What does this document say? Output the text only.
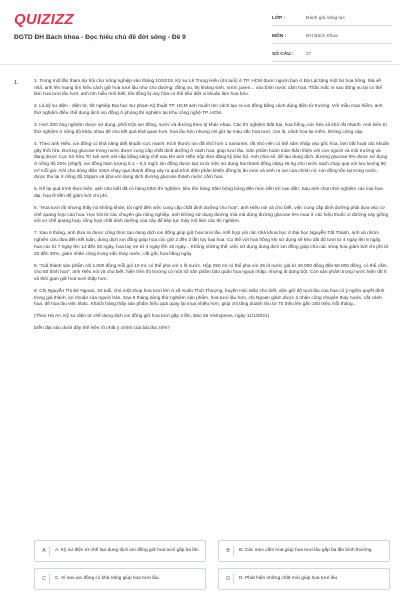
QUIZIZZ
ĐGTD ĐH Bách khoa - Đọc hiểu chủ đề đời sống - Đề 9
LỚP :	Đánh giá năng lực
MÔN :	ĐH Bách Khoa
SỐ CÂU :	27
1.	1. Trong một lần tham dự hội chợ nông nghiệp vào tháng 10/2019, Kỹ sư Lê Trung Hiếu (44 tuổi) ở TP. HCM được người bạn ở Đà Lạt tặng một bó hoa hồng. Mà về nhà, anh lên mạng tìm hiểu cách giữ hoa tươi lâu như cho đường, đồng xu, thị kháng sinh, nước javen... vào bình nước cắm hoa. Thắc mắc vì sao đông xu lại có thể làm hoa tươi lâu hơn, anh tìm hiểu mới biết, khi đồng bị oxy hóa có thể tiêu diệt vi khuẩn làm hoa héo.

2. Là kỹ sư điện - điện tử, tốt nghiệp Đại học Sư phạm Kỹ thuật TP. HCM anh muốn tìm cách tạo ra ion đồng bằng cách dùng điện từ trường. Với mẫu mạo hiểm, anh thử nghiệm điều chế dung dịch ion đồng ở phòng thí nghiệm tại Khu công nghệ TP. HCM.

3. Hơn 200 ống nghiệm được sử dụng, phối trộn ion đồng, nước và đường theo tỷ khác nhau. Các thí nghiệm thất bại, hoa hồng, cúc héo và khô rất nhanh. Anh kiên trì thử nghiệm ở nồng độ khác nhau để cho kết quả khả quan hơn, hoa lâu héo nhưng chỉ giữ lại màu sắc hoa tươi, còn lá, cành hoa lại mềm, không cứng cáp.

4. Theo anh Hiếu, ion đồng có khả năng diệt khuẩn cực mạnh. Kích thước ion đã nhỏ hơn 1 nanomet, rất nhỏ nên có thể xâm nhập vào gốc hoa, làm bắt hoạt các khuẩn gây thối rữa. Đường glucose trong nước được cung cấp chất dinh dưỡng ở cành hoa, giúp tươi lâu. Sản phẩm hoàn toàn thân thiện với con người và môi trường và đang được Cục Sở hữu Trí tuệ xem xét cấp bằng sáng chế sau khi anh Hiếu nộp đơn đăng ký bảo hộ. Anh chia sẻ, để tạo dung dịch, đường glucose 5% được sử dụng ở nồng độ 20% (20g/l), ion đồng hàm lượng 0,1 – 0,2 mg/1 lon đồng được tạo ra từ việc sử dụng hai thanh đồng nặng 45 kg cho nước sạch chạy qua với lưu lượng 90 m³ mỗi giờ. Khi cho dòng điện 100A chạy qua thanh đồng xảy ra quá trình điện phân khiến đồng bị ăn mòn và sinh ra ion của chính nó. Ion đồng tồn tại trong nước, được thu lại ở nồng độ 15ppm và pha với dung dịch đường glucose thành nước cắm hoa.

5. Kế lại quá trình thực hiện, anh cho biết đã có hàng trăm thí nghiệm, tiêu tốn hàng trăm bông bông đến mức tiền tới cạn dần. Sau anh chọn thử nghiệm các loại hoa đại, hoa lê tiền để giảm bớt chi phí.

6. "Hoa tươi rồi nhưng thấy nó không khỏe, tôi nghĩ đến việc cung cấp chất dinh dưỡng cho hoa", anh Hiếu nói và cho biết, việc cung cấp dinh dưỡng phải dựa vào cơ chế quang hợp của hoa. Học hỏi từ các chuyên gia nông nghiệp, anh không sử dụng đường mía mà dùng đường glucose 5% mua ở các hiệu thuốc vì đường này giống với cơ chế quang hợp, tổng hợp chất dinh dưỡng của cây để tiếp tục máy mô làm các thí nghiệm.

7. Sau 6 tháng, anh đưa ra được công thức tạo dung dịch ion đồng giúp giữ hoa tươi lâu. Kết hợp với các nhà khoa học ở Đại học Nguyễn Tất Thành, anh và nhóm nghiên cứu đưa đến kết luận, dung dịch ion đồng giúp hoa cúc giữ 2 đến 3 lần tùy loại hoa. Cụ thể với hoa hồng khi sử dụng sẽ kéo dài độ tươi từ 4 ngày lên 8 ngày, hoa cúc từ 7 ngày lên 14 đến 20 ngày, hoa lay ơn từ 4 ngày lên 15 ngày... Không những thế, việc sử dụng dung dịch ion đồng giúp chủ các shop hoa giảm bớt chi phí từ 20 đến 30%, giảm nhân công trong việc thay nước, cắt gốc hoa hằng ngày.

8. "Giá thành sản phẩm chỉ 1.000 đồng mỗi gói 10 ml, có thể pha với 1 lít nước. Hộp 250 ml có thể pha với 25 lít nước giá từ 40.000 đồng đến 50.000 đồng, có thể cắm cho 50 bình hoa", anh Hiếu nói và cho biết, hiện trên thị trường có một số sản phẩm bảo quản hoa ngoại nhập, nhưng là dạng bột. Còn sản phẩm trong nước hiện rất ít và thời gian giữ hoa tươi thấp hơn.

9. Chị Nguyễn Thị Bé Ngoan, 34 tuổi, chủ một shop hoa tươi lớn ở xã Xuân Thới Thượng, huyện Hóc Môn cho biết, việc giữ độ tươi lâu của hoa có ý nghĩa quyết định trong giá thành, lợi nhuận của người bán. Sau 6 tháng dùng thử nghiệm sản phẩm, hoa tươi lâu hơn, chị Ngoan giảm được 2 nhân công chuyên thay nước, cắt cành hoa, để hoa lâu việc khác. Khách hàng thấy sản phẩm hiệu quả quay lại mua nhiều hơn, giúp chị tăng doanh thu từ 70 triệu lên gần 100 triệu mỗi tháng...

(Theo Hà An, Kỹ sư diện tử chế dung dịch ion đồng giữ hoa tươi gấp 3 lần, Báo 55 VnExpress, ngày 11/1/2021)

Diễn đạt nào dưới đây thể hiện rõ nhất ý chính của bài đọc trên?

A	A. Kỹ sư điện tử chế tạo dung dịch ion đồng giữ hoa tươi gấp ba lần	B	B. Các mẹo cắm hoa giúp hoa tươi lâu gấp ba lần bình thường
C	C. Vì sao ion đồng có khả năng giúp hoa tươi lâu.	D	D. Phát hiện những chất mới giúp hoa tươi lâu
